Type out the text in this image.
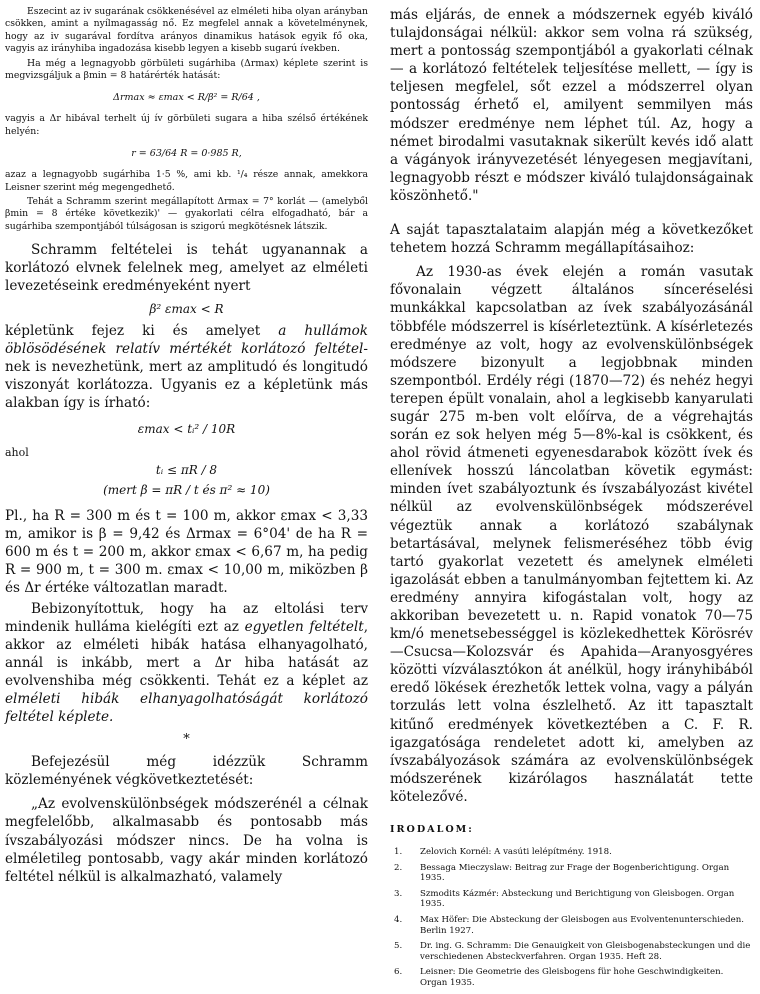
Eszecint az iv sugarának csökkenésével az elméleti hiba olyan arányban csökken, amint a nyílmagasság nő. Ez megfelel annak a követelménynek, hogy az iv sugarával fordítva arányos dinamikus hatások egyik fő oka, vagyis az irányhiba ingadozása kisebb legyen a kisebb sugarú ívekben.

Ha még a legnagyobb görbületi sugárhiba (Δrmax) képlete szerint is megvizsgáljuk a βmin = 8 határérték hatását:

Δrmax ≈ εmax < R/β² = R/64 ,

vagyis a Δr hibával terhelt új ív görbületi sugara a hiba szélső értékének helyén:

r = 63/64 R = 0·985 R,

azaz a legnagyobb sugárhiba 1·5 %, ami kb. ¹/₄ része annak, amekkora Leisner szerint még megengedhető.

Tehát a Schramm szerint megállapított Δrmax = 7° korlát — (amelyből βmin = 8 értéke következik)' — gyakorlati célra elfogadható, bár a sugárhiba szempontjából túlságosan is szigorú megkötésnek látszik.

Schramm feltételei is tehát ugyanannak a korlátozó elvnek felelnek meg, amelyet az elméleti levezetéseink eredményeként nyert

β² εmax < R

képletünk fejez ki és amelyet a hullámok öblösödésének relatív mértékét korlátozó feltétel-nek is nevezhetünk, mert az amplitudó és longitudó viszonyát korlátozza. Ugyanis ez a képletünk más alakban így is írható:

εmax < tᵢ² / 10R

ahol

tᵢ ≤ πR / 8

(mert β = πR / t és π² ≈ 10)

Pl., ha R = 300 m és t = 100 m, akkor εmax < 3,33 m, amikor is β = 9,42 és Δrmax = 6°04' de ha R = 600 m és t = 200 m, akkor εmax < 6,67 m, ha pedig R = 900 m, t = 300 m. εmax < 10,00 m, miközben β és Δr értéke változatlan maradt.

Bebizonyítottuk, hogy ha az eltolási terv mindenik hulláma kielégíti ezt az egyetlen feltételt, akkor az elméleti hibák hatása elhanyagolható, annál is inkább, mert a Δr hiba hatását az evolvenshiba még csökkenti. Tehát ez a képlet az elméleti hibák elhanyagolhatóságát korlátozó feltétel képlete.

*

Befejezésül még idézzük Schramm közleményének végkövetkeztetését:

„Az evolvenskülönbségek módszerénél a célnak megfelelőbb, alkalmasabb és pontosabb más ívszabályozási módszer nincs. De ha volna is elméletileg pontosabb, vagy akár minden korlátozó feltétel nélkül is alkalmazható, valamely

más eljárás, de ennek a módszernek egyéb kiváló tulajdonságai nélkül: akkor sem volna rá szükség, mert a pontosság szempontjából a gyakorlati célnak — a korlátozó feltételek teljesítése mellett, — így is teljesen megfelel, sőt ezzel a módszerrel olyan pontosság érhető el, amilyent semmilyen más módszer eredménye nem léphet túl. Az, hogy a német birodalmi vasutaknak sikerült kevés idő alatt a vágányok irányvezetését lényegesen megjavítani, legnagyobb részt e módszer kiváló tulajdonságainak köszönhető."

A saját tapasztalataim alapján még a következőket tehetem hozzá Schramm megállapításaihoz:

Az 1930-as évek elején a román vasutak fővonalain végzett általános sínceréselési munkákkal kapcsolatban az ívek szabályozásánál többféle módszerrel is kísérleteztünk. A kísérletezés eredménye az volt, hogy az evolvenskülönbségek módszere bizonyult a legjobbnak minden szempontból. Erdély régi (1870—72) és nehéz hegyi terepen épült vonalain, ahol a legkisebb kanyarulati sugár 275 m-ben volt előírva, de a végrehajtás során ez sok helyen még 5—8%-kal is csökkent, és ahol rövid átmeneti egyenesdarabok között ívek és ellenívek hosszú láncolatban követik egymást: minden ívet szabályoztunk és ívszabályozást kivétel nélkül az evolvenskülönbségek módszerével végeztük annak a korlátozó szabálynak betartásával, melynek felismeréséhez több évig tartó gyakorlat vezetett és amelynek elméleti igazolását ebben a tanulmányomban fejtettem ki. Az eredmény annyira kifogástalan volt, hogy az akkoriban bevezetett u. n. Rapid vonatok 70—75 km/ó menetsebességgel is közlekedhettek Körösrév—Csucsa—Kolozsvár és Apahida—Aranyosgyéres közötti vízválasztókon át anélkül, hogy irányhibából eredő lökések érezhetők lettek volna, vagy a pályán torzulás lett volna észlelhető. Az itt tapasztalt kitűnő eredmények következtében a C. F. R. igazgatósága rendeletet adott ki, amelyben az ívszabályozások számára az evolvenskülönbségek módszerének kizárólagos használatát tette kötelezővé.

IRODALOM:
1.	Zelovich Kornél: A vasúti lelépítmény. 1918.
2.	Bessaga Mieczyslaw: Beitrag zur Frage der Bogenberichtigung. Organ 1935.
3.	Szmodits Kázmér: Absteckung und Berichtigung von Gleisbogen. Organ 1935.
4.	Max Höfer: Die Absteckung der Gleisbogen aus Evolventenunterschieden. Berlin 1927.
5.	Dr. ing. G. Schramm: Die Genauigkeit von Gleisbogenabsteckungen und die verschiedenen Absteckverfahren. Organ 1935. Heft 28.
6.	Leisner: Die Geometrie des Gleisbogens für hohe Geschwindigkeiten. Organ 1935.
